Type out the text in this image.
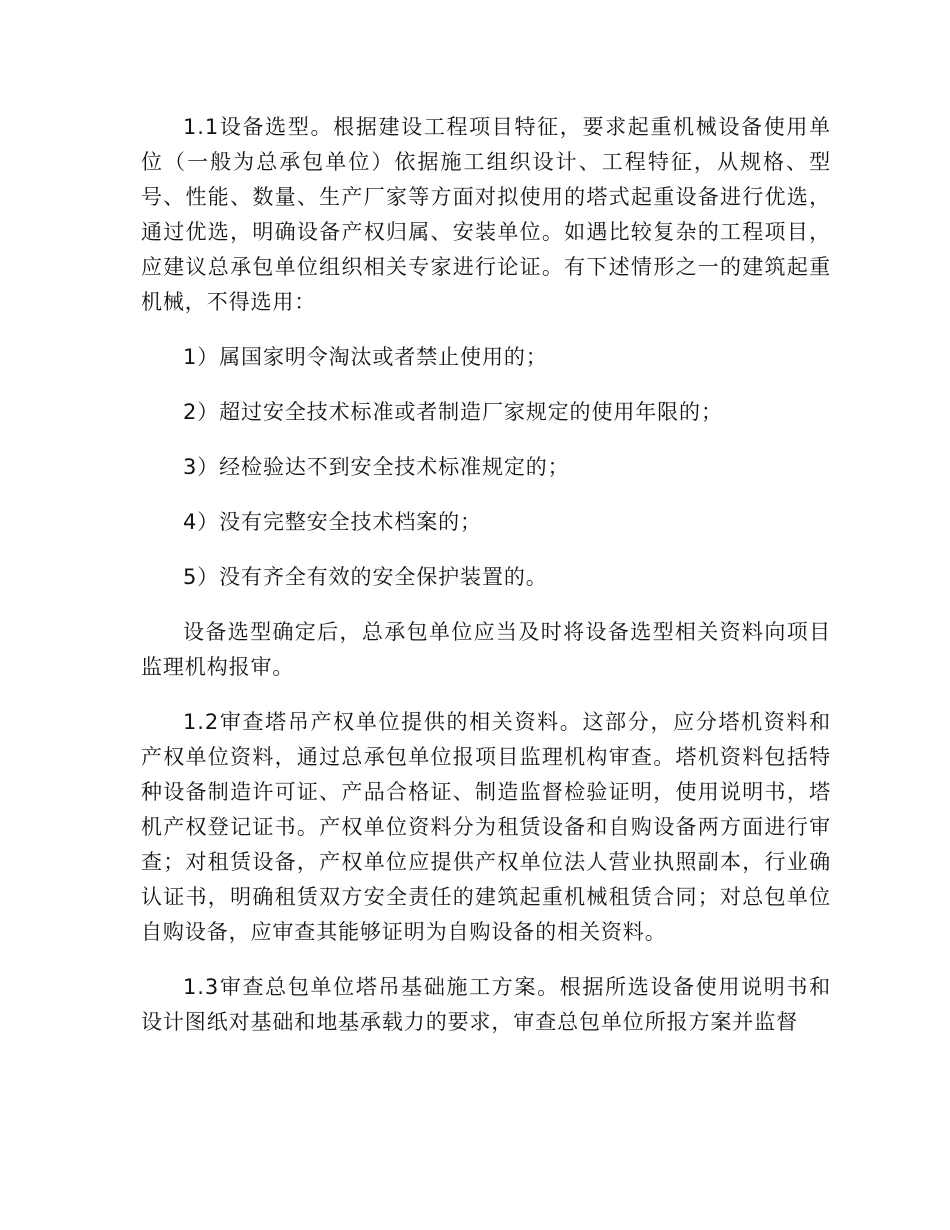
1.1设备选型。根据建设工程项目特征，要求起重机械设备使用单位（一般为总承包单位）依据施工组织设计、工程特征，从规格、型号、性能、数量、生产厂家等方面对拟使用的塔式起重设备进行优选，通过优选，明确设备产权归属、安装单位。如遇比较复杂的工程项目，应建议总承包单位组织相关专家进行论证。有下述情形之一的建筑起重机械，不得选用：

1）属国家明令淘汰或者禁止使用的；

2）超过安全技术标准或者制造厂家规定的使用年限的；

3）经检验达不到安全技术标准规定的；

4）没有完整安全技术档案的；

5）没有齐全有效的安全保护装置的。

设备选型确定后，总承包单位应当及时将设备选型相关资料向项目监理机构报审。

1.2审查塔吊产权单位提供的相关资料。这部分，应分塔机资料和产权单位资料，通过总承包单位报项目监理机构审查。塔机资料包括特种设备制造许可证、产品合格证、制造监督检验证明，使用说明书，塔机产权登记证书。产权单位资料分为租赁设备和自购设备两方面进行审查；对租赁设备，产权单位应提供产权单位法人营业执照副本，行业确认证书，明确租赁双方安全责任的建筑起重机械租赁合同；对总包单位自购设备，应审查其能够证明为自购设备的相关资料。

1.3审查总包单位塔吊基础施工方案。根据所选设备使用说明书和设计图纸对基础和地基承载力的要求，审查总包单位所报方案并监督
